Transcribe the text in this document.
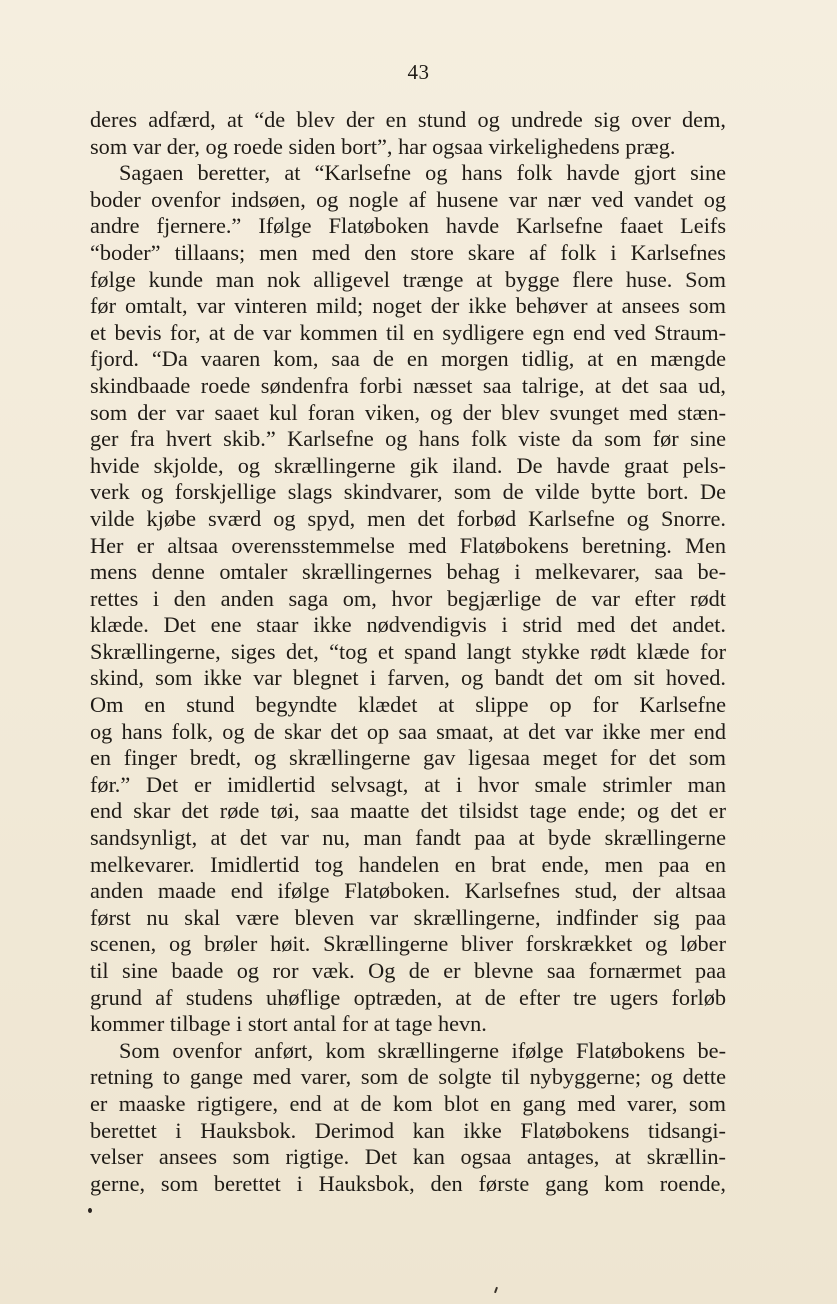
43
deres adfærd, at “de blev der en stund og undrede sig over dem,
som var der, og roede siden bort”, har ogsaa virkelighedens præg.
Sagaen beretter, at “Karlsefne og hans folk havde gjort sine
boder ovenfor indsøen, og nogle af husene var nær ved vandet og
andre fjernere.” Ifølge Flatøboken havde Karlsefne faaet Leifs
“boder” tillaans; men med den store skare af folk i Karlsefnes
følge kunde man nok alligevel trænge at bygge flere huse. Som
før omtalt, var vinteren mild; noget der ikke behøver at ansees som
et bevis for, at de var kommen til en sydligere egn end ved Straum-
fjord. “Da vaaren kom, saa de en morgen tidlig, at en mængde
skindbaade roede søndenfra forbi næsset saa talrige, at det saa ud,
som der var saaet kul foran viken, og der blev svunget med stæn-
ger fra hvert skib.” Karlsefne og hans folk viste da som før sine
hvide skjolde, og skrællingerne gik iland. De havde graat pels-
verk og forskjellige slags skindvarer, som de vilde bytte bort. De
vilde kjøbe sværd og spyd, men det forbød Karlsefne og Snorre.
Her er altsaa overensstemmelse med Flatøbokens beretning. Men
mens denne omtaler skrællingernes behag i melkevarer, saa be-
rettes i den anden saga om, hvor begjærlige de var efter rødt
klæde. Det ene staar ikke nødvendigvis i strid med det andet.
Skrællingerne, siges det, “tog et spand langt stykke rødt klæde for
skind, som ikke var blegnet i farven, og bandt det om sit hoved.
Om en stund begyndte klædet at slippe op for Karlsefne
og hans folk, og de skar det op saa smaat, at det var ikke mer end
en finger bredt, og skrællingerne gav ligesaa meget for det som
før.” Det er imidlertid selvsagt, at i hvor smale strimler man
end skar det røde tøi, saa maatte det tilsidst tage ende; og det er
sandsynligt, at det var nu, man fandt paa at byde skrællingerne
melkevarer. Imidlertid tog handelen en brat ende, men paa en
anden maade end ifølge Flatøboken. Karlsefnes stud, der altsaa
først nu skal være bleven var skrællingerne, indfinder sig paa
scenen, og brøler høit. Skrællingerne bliver forskrækket og løber
til sine baade og ror væk. Og de er blevne saa fornærmet paa
grund af studens uhøflige optræden, at de efter tre ugers forløb
kommer tilbage i stort antal for at tage hevn.
Som ovenfor anført, kom skrællingerne ifølge Flatøbokens be-
retning to gange med varer, som de solgte til nybyggerne; og dette
er maaske rigtigere, end at de kom blot en gang med varer, som
berettet i Hauksbok. Derimod kan ikke Flatøbokens tidsangi-
velser ansees som rigtige. Det kan ogsaa antages, at skrællin-
gerne, som berettet i Hauksbok, den første gang kom roende,
